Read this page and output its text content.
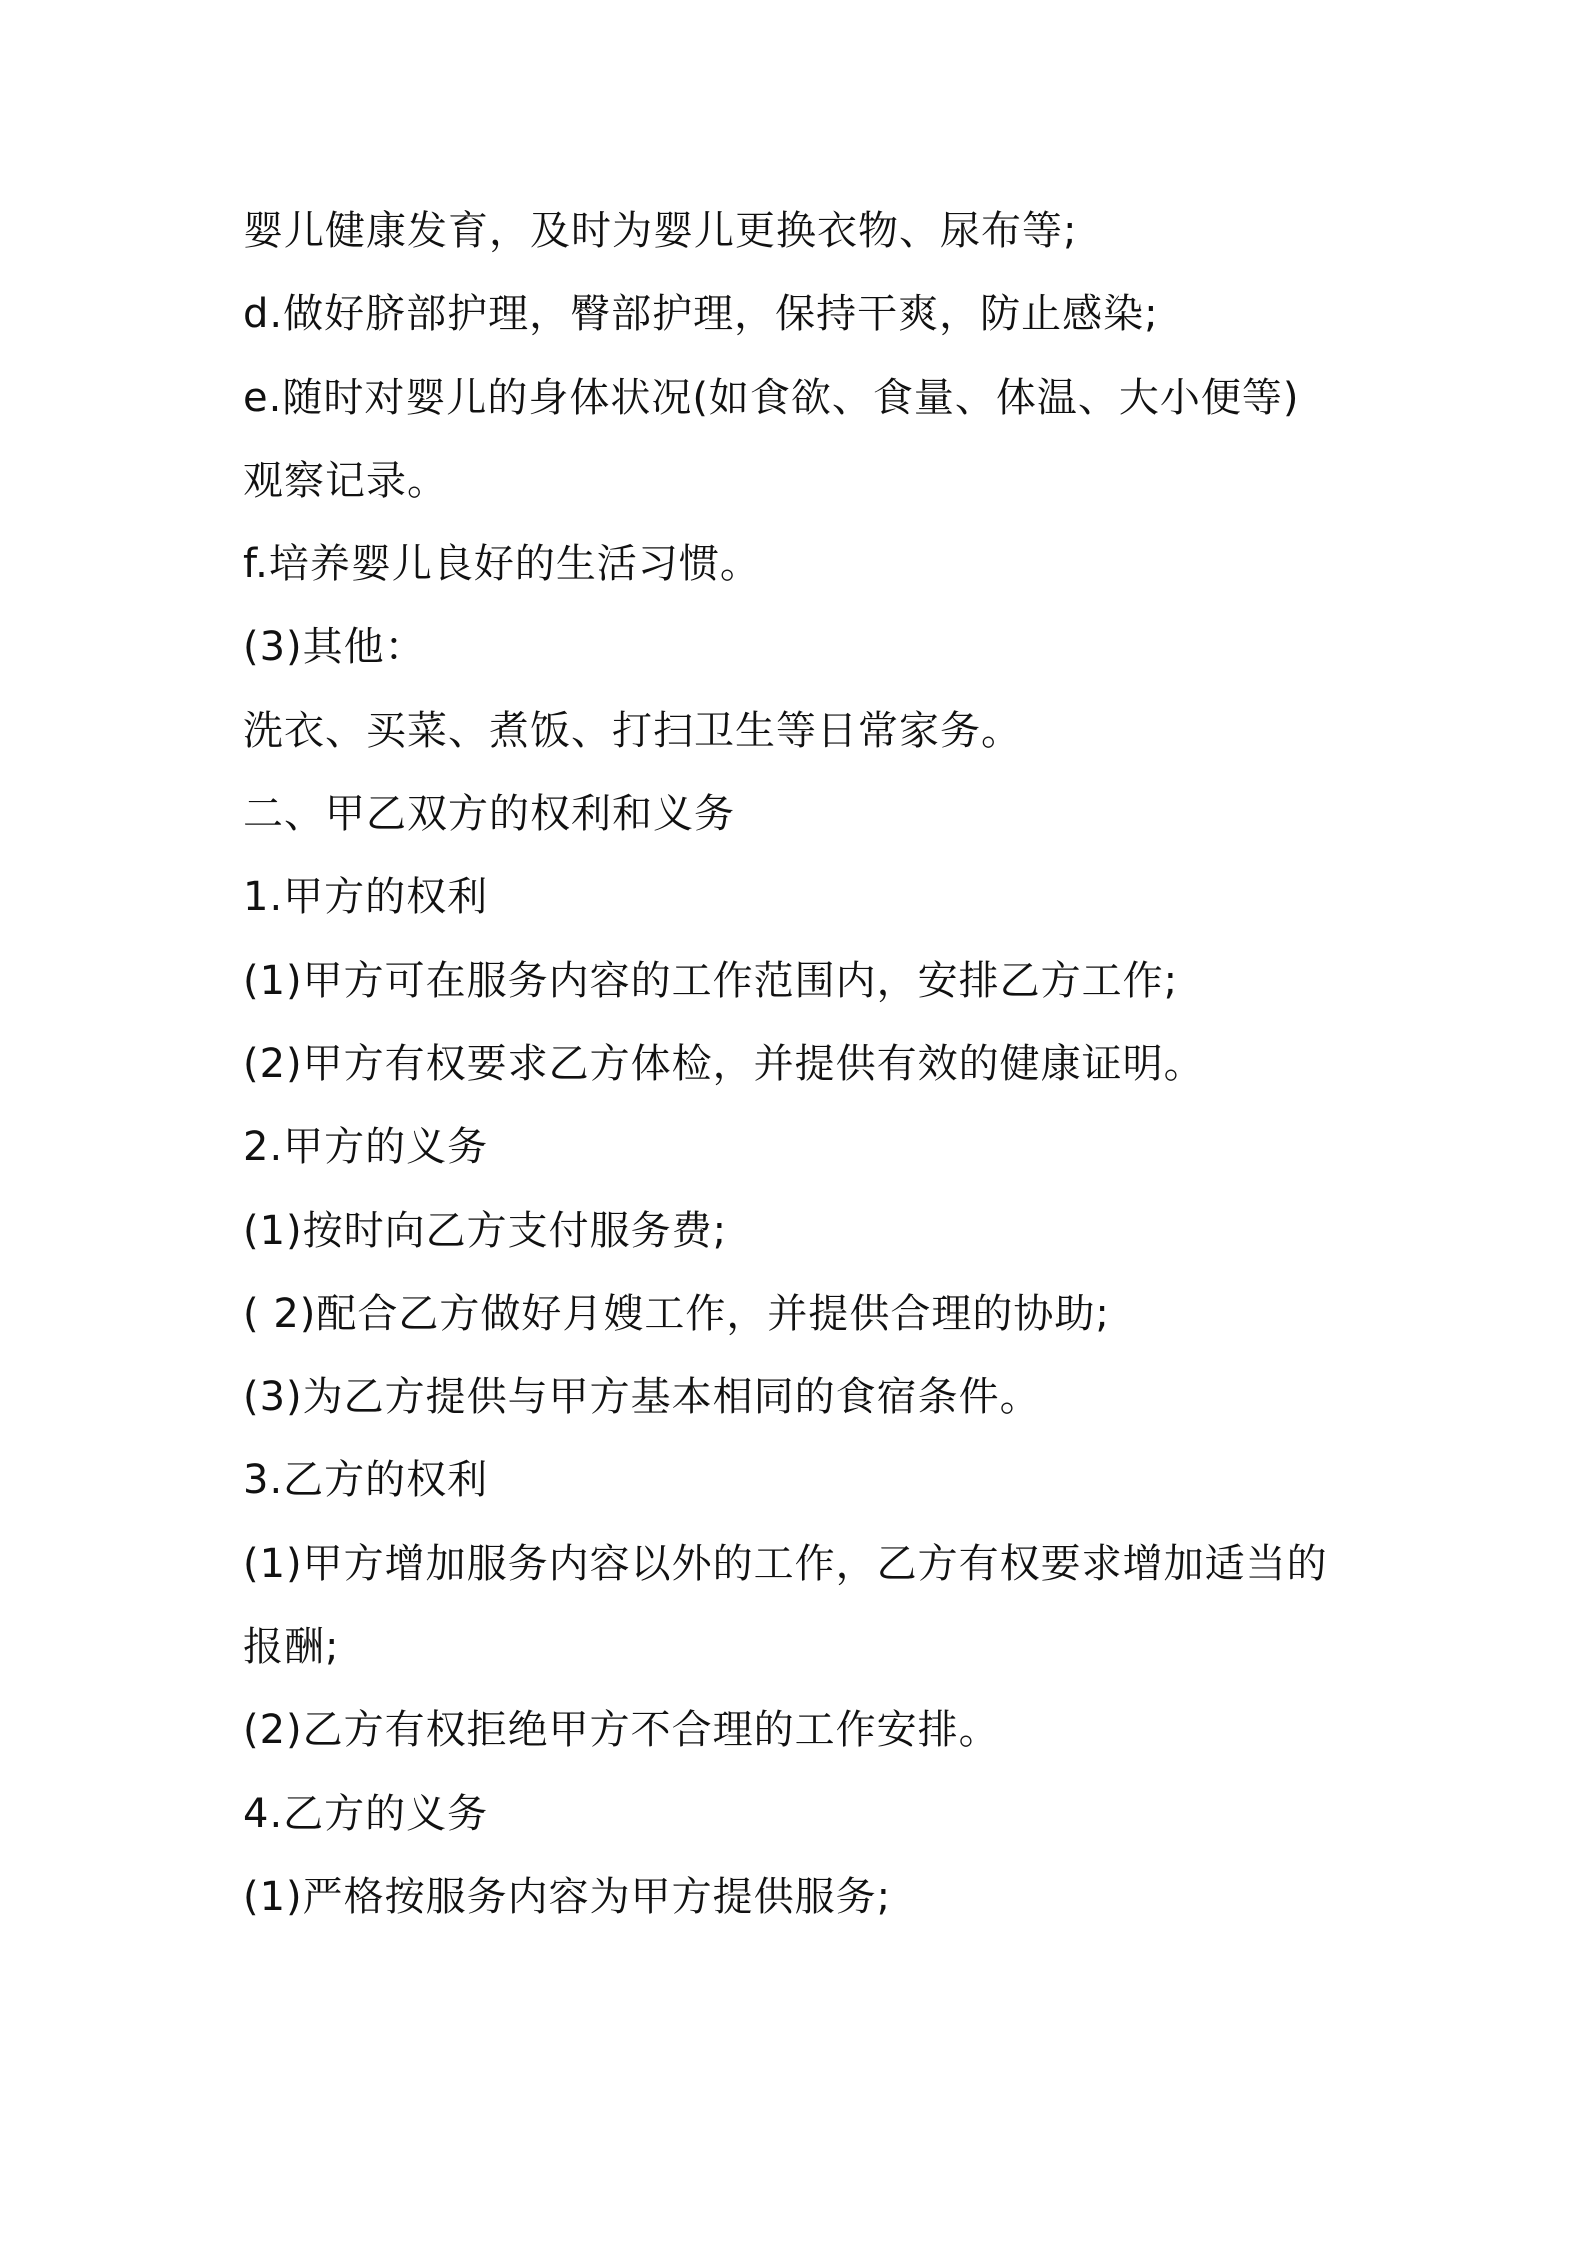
婴儿健康发育，及时为婴儿更换衣物、尿布等;

d.做好脐部护理，臀部护理，保持干爽，防止感染;

e.随时对婴儿的身体状况(如食欲、食量、体温、大小便等)

观察记录。

f.培养婴儿良好的生活习惯。

(3)其他：

洗衣、买菜、煮饭、打扫卫生等日常家务。

二、甲乙双方的权利和义务

1.甲方的权利

(1)甲方可在服务内容的工作范围内，安排乙方工作;

(2)甲方有权要求乙方体检，并提供有效的健康证明。

2.甲方的义务

(1)按时向乙方支付服务费;

( 2)配合乙方做好月嫂工作，并提供合理的协助;

(3)为乙方提供与甲方基本相同的食宿条件。

3.乙方的权利

(1)甲方增加服务内容以外的工作，乙方有权要求增加适当的

报酬;

(2)乙方有权拒绝甲方不合理的工作安排。

4.乙方的义务

(1)严格按服务内容为甲方提供服务;
